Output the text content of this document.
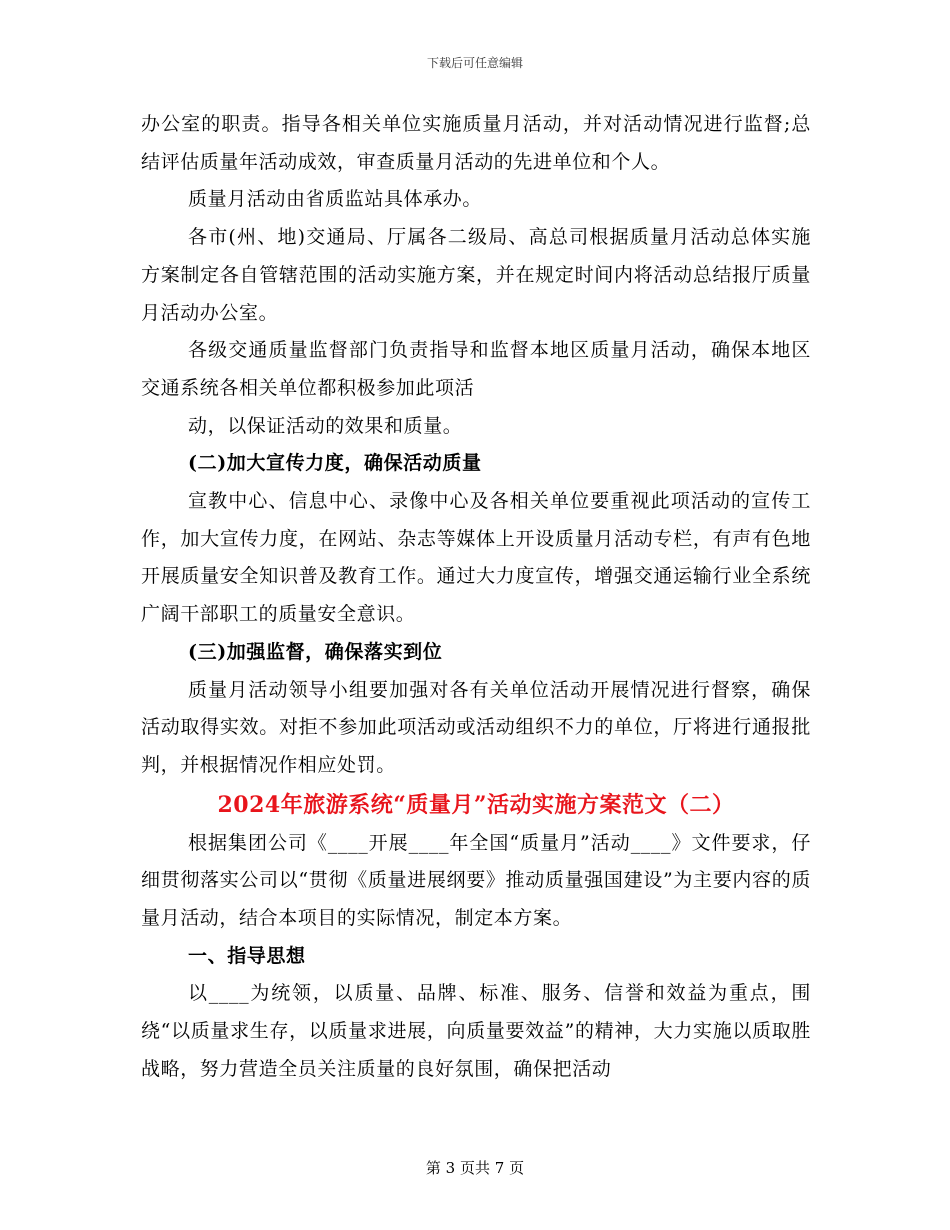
下载后可任意编辑

办公室的职责。指导各相关单位实施质量月活动，并对活动情况进行监督;总结评估质量年活动成效，审查质量月活动的先进单位和个人。

质量月活动由省质监站具体承办。

各市(州、地)交通局、厅属各二级局、高总司根据质量月活动总体实施方案制定各自管辖范围的活动实施方案，并在规定时间内将活动总结报厅质量月活动办公室。

各级交通质量监督部门负责指导和监督本地区质量月活动，确保本地区交通系统各相关单位都积极参加此项活

动，以保证活动的效果和质量。

(二)加大宣传力度，确保活动质量

宣教中心、信息中心、录像中心及各相关单位要重视此项活动的宣传工作，加大宣传力度，在网站、杂志等媒体上开设质量月活动专栏，有声有色地开展质量安全知识普及教育工作。通过大力度宣传，增强交通运输行业全系统广阔干部职工的质量安全意识。

(三)加强监督，确保落实到位

质量月活动领导小组要加强对各有关单位活动开展情况进行督察，确保活动取得实效。对拒不参加此项活动或活动组织不力的单位，厅将进行通报批判，并根据情况作相应处罚。

2024年旅游系统“质量月”活动实施方案范文（二）

根据集团公司《____开展____年全国“质量月”活动____》文件要求，仔细贯彻落实公司以“贯彻《质量进展纲要》推动质量强国建设”为主要内容的质量月活动，结合本项目的实际情况，制定本方案。

一、指导思想

以____为统领，以质量、品牌、标准、服务、信誉和效益为重点，围绕“以质量求生存，以质量求进展，向质量要效益”的精神，大力实施以质取胜战略，努力营造全员关注质量的良好氛围，确保把活动

第 3 页共 7 页
